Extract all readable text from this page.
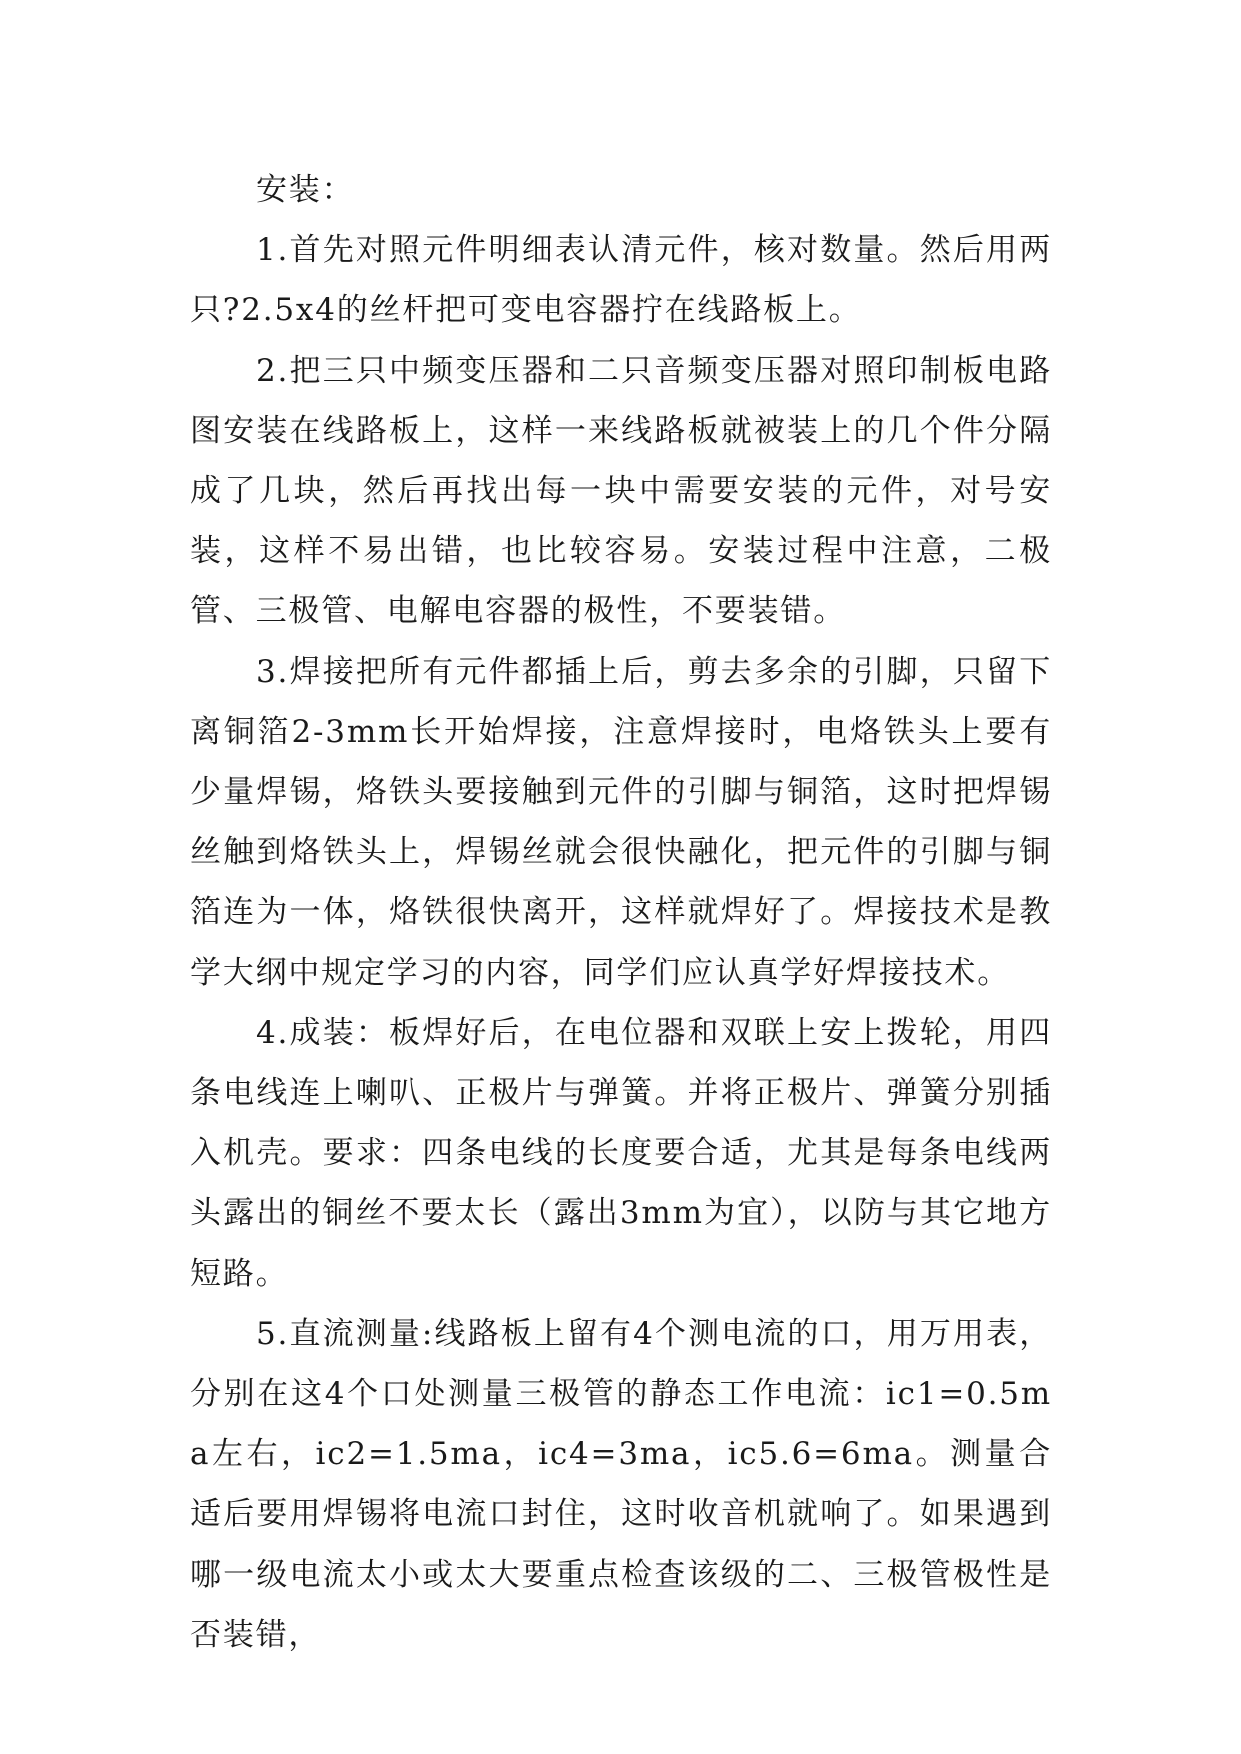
安装：

1.首先对照元件明细表认清元件，核对数量。然后用两只?2.5x4的丝杆把可变电容器拧在线路板上。

2.把三只中频变压器和二只音频变压器对照印制板电路图安装在线路板上，这样一来线路板就被装上的几个件分隔成了几块，然后再找出每一块中需要安装的元件，对号安装，这样不易出错，也比较容易。安装过程中注意，二极管、三极管、电解电容器的极性，不要装错。

3.焊接把所有元件都插上后，剪去多余的引脚，只留下离铜箔2-3mm长开始焊接，注意焊接时，电烙铁头上要有少量焊锡，烙铁头要接触到元件的引脚与铜箔，这时把焊锡丝触到烙铁头上，焊锡丝就会很快融化，把元件的引脚与铜箔连为一体，烙铁很快离开，这样就焊好了。焊接技术是教学大纲中规定学习的内容，同学们应认真学好焊接技术。

4.成装：板焊好后，在电位器和双联上安上拨轮，用四条电线连上喇叭、正极片与弹簧。并将正极片、弹簧分别插入机壳。要求：四条电线的长度要合适，尤其是每条电线两头露出的铜丝不要太长（露出3mm为宜），以防与其它地方短路。

5.直流测量:线路板上留有4个测电流的口，用万用表，分别在这4个口处测量三极管的静态工作电流：ic1=0.5ma左右，ic2=1.5ma，ic4=3ma，ic5.6=6ma。测量合适后要用焊锡将电流口封住，这时收音机就响了。如果遇到哪一级电流太小或太大要重点检查该级的二、三极管极性是否装错，
